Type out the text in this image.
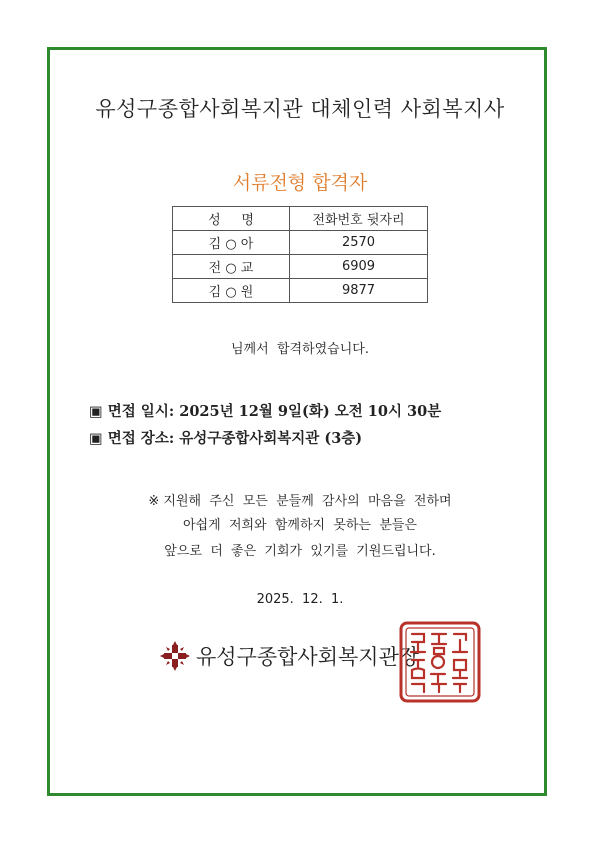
유성구종합사회복지관 대체인력 사회복지사
서류전형 합격자
성     명	전화번호 뒷자리
김 ○ 아	2570
전 ○ 교	6909
김 ○ 원	9877
님께서  합격하였습니다.
▣ 면접 일시: 2025년 12월 9일(화) 오전 10시 30분
▣ 면접 장소: 유성구종합사회복지관 (3층)
※ 지원해  주신  모든  분들께  감사의  마음을  전하며
아쉽게  저희와  함께하지  못하는  분들은
앞으로  더  좋은  기회가  있기를  기원드립니다.
2025.  12.  1.
유성구종합사회복지관장
